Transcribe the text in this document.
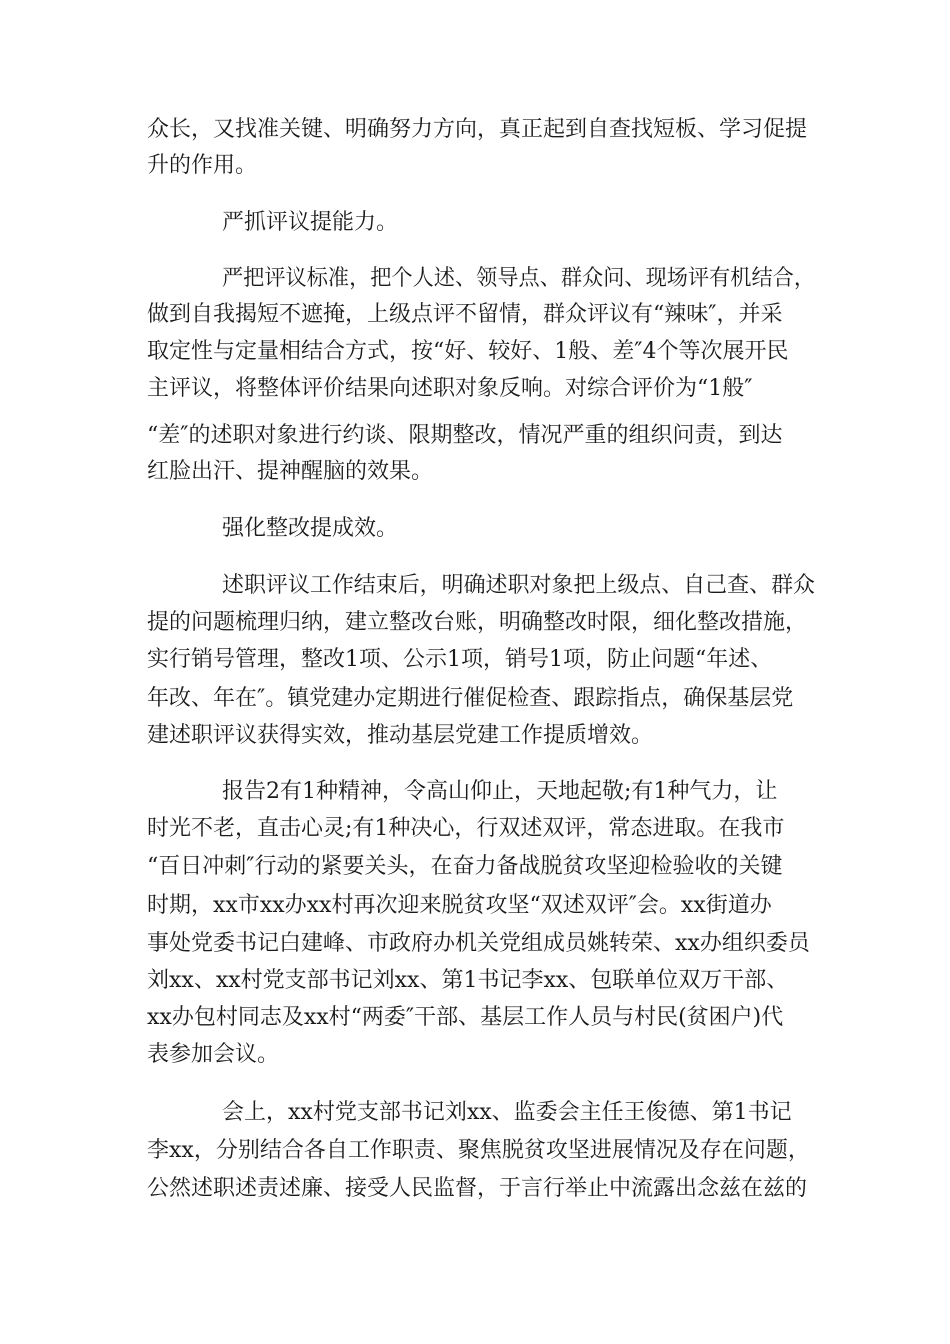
众长，又找准关键、明确努力方向，真正起到自查找短板、学习促提

升的作用。

严抓评议提能力。

严把评议标准，把个人述、领导点、群众问、现场评有机结合，

做到自我揭短不遮掩，上级点评不留情，群众评议有“辣味″，并采

取定性与定量相结合方式，按“好、较好、1般、差″4个等次展开民

主评议，将整体评价结果向述职对象反响。对综合评价为“1般″

“差″的述职对象进行约谈、限期整改，情况严重的组织问责，到达

红脸出汗、提神醒脑的效果。

强化整改提成效。

述职评议工作结束后，明确述职对象把上级点、自己查、群众

提的问题梳理归纳，建立整改台账，明确整改时限，细化整改措施，

实行销号管理，整改1项、公示1项，销号1项，防止问题“年述、

年改、年在″。镇党建办定期进行催促检查、跟踪指点，确保基层党

建述职评议获得实效，推动基层党建工作提质增效。

报告2有1种精神，令高山仰止，天地起敬;有1种气力，让

时光不老，直击心灵;有1种决心，行双述双评，常态进取。在我市

“百日冲刺″行动的紧要关头，在奋力备战脱贫攻坚迎检验收的关键

时期，xx市xx办xx村再次迎来脱贫攻坚“双述双评″会。xx街道办

事处党委书记白建峰、市政府办机关党组成员姚转荣、xx办组织委员

刘xx、xx村党支部书记刘xx、第1书记李xx、包联单位双万干部、

xx办包村同志及xx村“两委″干部、基层工作人员与村民(贫困户)代

表参加会议。

会上，xx村党支部书记刘xx、监委会主任王俊德、第1书记

李xx，分别结合各自工作职责、聚焦脱贫攻坚进展情况及存在问题，

公然述职述责述廉、接受人民监督，于言行举止中流露出念兹在兹的
